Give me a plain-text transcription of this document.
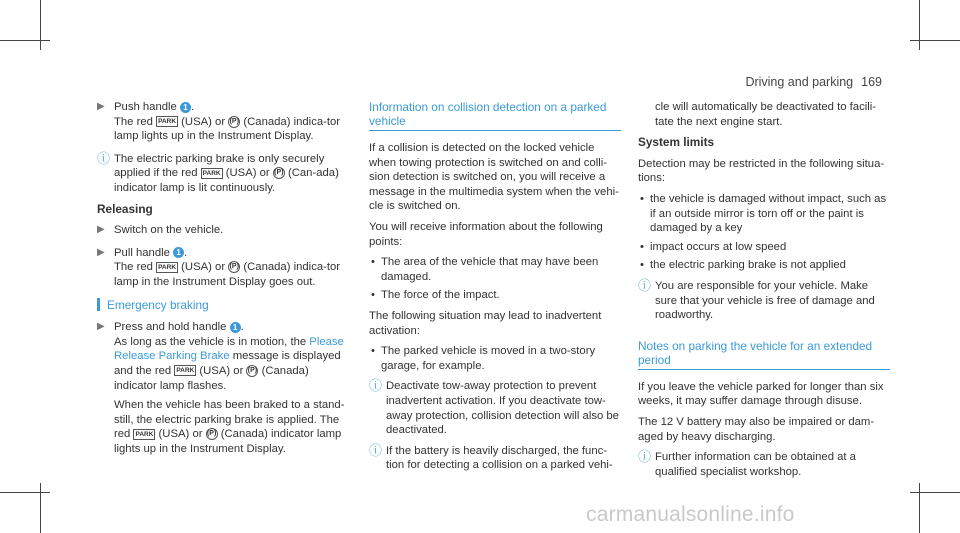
Driving and parking 169
▶ Push handle 1 .
The red PARK (USA) or (P) (Canada) indica-tor lamp lights up in the Instrument Display.
ⓘ The electric parking brake is only securely applied if the red PARK (USA) or (P) (Can-ada) indicator lamp is lit continuously.
Releasing
▶ Switch on the vehicle.
▶ Pull handle 1 .
The red PARK (USA) or (P) (Canada) indica-tor lamp in the Instrument Display goes out.
Emergency braking
▶ Press and hold handle 1 .
As long as the vehicle is in motion, the Please Release Parking Brake message is displayed and the red PARK (USA) or (P) (Canada) indicator lamp flashes.
When the vehicle has been braked to a stand-still, the electric parking brake is applied. The red PARK (USA) or (P) (Canada) indicator lamp lights up in the Instrument Display.
Information on collision detection on a parked vehicle

If a collision is detected on the locked vehicle when towing protection is switched on and colli-sion detection is switched on, you will receive a message in the multimedia system when the vehi-cle is switched on.

You will receive information about the following points:

• The area of the vehicle that may have been damaged.
• The force of the impact.

The following situation may lead to inadvertent activation:

• The parked vehicle is moved in a two-story garage, for example.
ⓘ Deactivate tow-away protection to prevent inadvertent activation. If you deactivate tow-away protection, collision detection will also be deactivated.
ⓘ If the battery is heavily discharged, the func-tion for detecting a collision on a parked vehi-

cle will automatically be deactivated to facili-tate the next engine start.

System limits

Detection may be restricted in the following situa-tions:

• the vehicle is damaged without impact, such as if an outside mirror is torn off or the paint is damaged by a key
• impact occurs at low speed
• the electric parking brake is not applied
ⓘ You are responsible for your vehicle. Make sure that your vehicle is free of damage and roadworthy.
Notes on parking the vehicle for an extended period

If you leave the vehicle parked for longer than six weeks, it may suffer damage through disuse.

The 12 V battery may also be impaired or dam-aged by heavy discharging.

ⓘ Further information can be obtained at a qualified specialist workshop.
carmanualsonline.info
